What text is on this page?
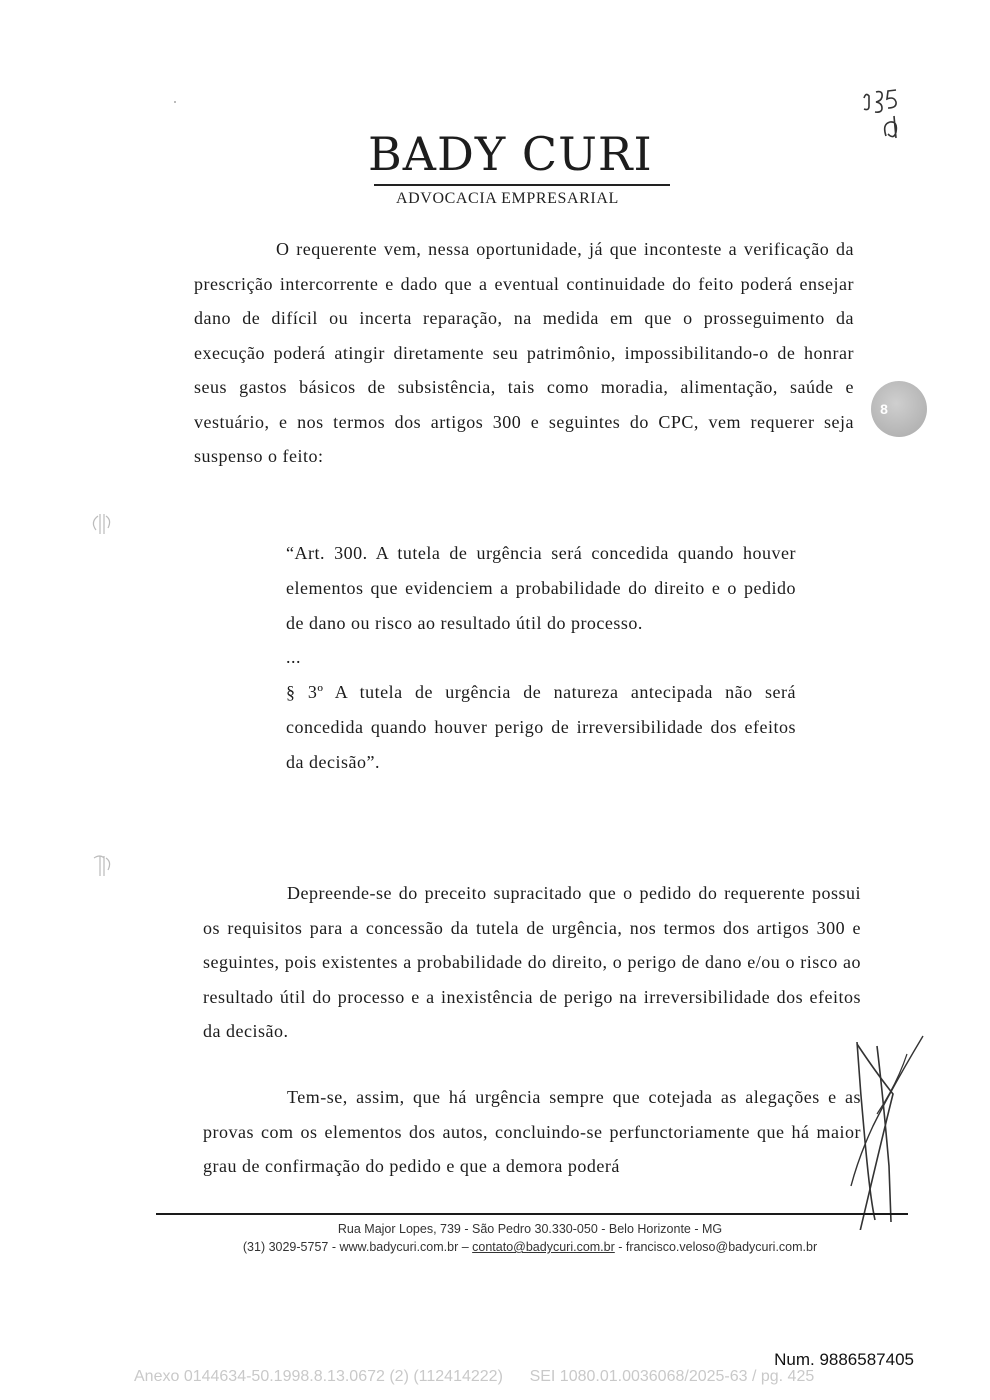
BADY CURI
ADVOCACIA EMPRESARIAL
8
O requerente vem, nessa oportunidade, já que inconteste a verificação da prescrição intercorrente e dado que a eventual continuidade do feito poderá ensejar dano de difícil ou incerta reparação, na medida em que o prosseguimento da execução poderá atingir diretamente seu patrimônio, impossibilitando-o de honrar seus gastos básicos de subsistência, tais como moradia, alimentação, saúde e vestuário, e nos termos dos artigos 300 e seguintes do CPC, vem requerer seja suspenso o feito:

“Art. 300. A tutela de urgência será concedida quando houver elementos que evidenciem a probabilidade do direito e o pedido de dano ou risco ao resultado útil do processo.

...

§ 3º A tutela de urgência de natureza antecipada não será concedida quando houver perigo de irreversibilidade dos efeitos da decisão”.

Depreende-se do preceito supracitado que o pedido do requerente possui os requisitos para a concessão da tutela de urgência, nos termos dos artigos 300 e seguintes, pois existentes a probabilidade do direito, o perigo de dano e/ou o risco ao resultado útil do processo e a inexistência de perigo na irreversibilidade dos efeitos da decisão.
Tem-se, assim, que há urgência sempre que cotejada as alegações e as provas com os elementos dos autos, concluindo-se perfunctoriamente que há maior grau de confirmação do pedido e que a demora poderá
Rua Major Lopes, 739 - São Pedro 30.330-050 - Belo Horizonte - MG
(31) 3029-5757 - www.badycuri.com.br – contato@badycuri.com.br - francisco.veloso@badycuri.com.br
Num. 9886587405
Anexo 0144634-50.1998.8.13.0672 (2) (112414222)      SEI 1080.01.0036068/2025-63 / pg. 425
